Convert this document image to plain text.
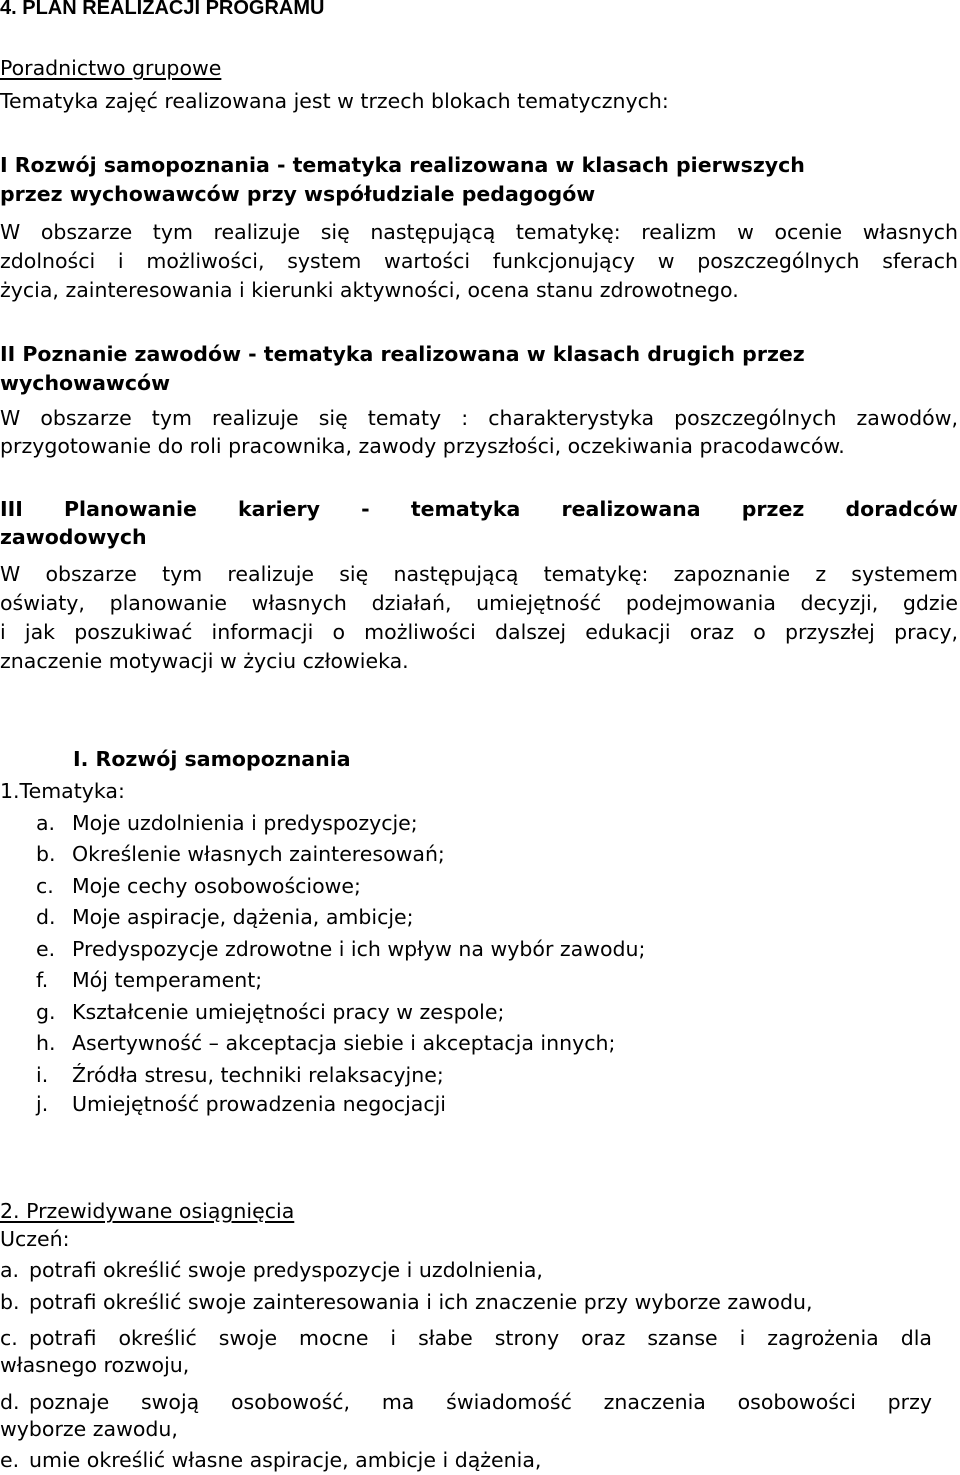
4. PLAN REALIZACJI PROGRAMU
Poradnictwo grupowe
Tematyka zajęć realizowana jest w trzech blokach tematycznych:
I Rozwój samopoznania - tematyka realizowana w klasach pierwszych
przez wychowawców przy współudziale pedagogów
W obszarze tym realizuje się następującą tematykę: realizm w ocenie własnych
zdolności i możliwości, system wartości funkcjonujący w poszczególnych sferach
życia, zainteresowania i kierunki aktywności, ocena stanu zdrowotnego.
II Poznanie zawodów - tematyka realizowana w klasach drugich przez
wychowawców
W obszarze tym realizuje się tematy : charakterystyka poszczególnych zawodów,
przygotowanie do roli pracownika, zawody przyszłości, oczekiwania pracodawców.
III Planowanie kariery - tematyka realizowana przez doradców
zawodowych
W obszarze tym realizuje się następującą tematykę: zapoznanie z systemem
oświaty, planowanie własnych działań, umiejętność podejmowania decyzji, gdzie
i jak poszukiwać informacji o możliwości dalszej edukacji oraz o przyszłej pracy,
znaczenie motywacji w życiu człowieka.
I. Rozwój samopoznania
1.Tematyka:
a. Moje uzdolnienia i predyspozycje;
b. Określenie własnych zainteresowań;
c. Moje cechy osobowościowe;
d. Moje aspiracje, dążenia, ambicje;
e. Predyspozycje zdrowotne i ich wpływ na wybór zawodu;
f. Mój temperament;
g. Kształcenie umiejętności pracy w zespole;
h. Asertywność – akceptacja siebie i akceptacja innych;
i. Źródła stresu, techniki relaksacyjne;
j. Umiejętność prowadzenia negocjacji
2. Przewidywane osiągnięcia
Uczeń:
a. potrafi określić swoje predyspozycje i uzdolnienia,
b. potrafi określić swoje zainteresowania i ich znaczenie przy wyborze zawodu,
c. potrafi określić swoje mocne i słabe strony oraz szanse i zagrożenia dla
własnego rozwoju,
d. poznaje swoją osobowość, ma świadomość znaczenia osobowości przy
wyborze zawodu,
e. umie określić własne aspiracje, ambicje i dążenia,
